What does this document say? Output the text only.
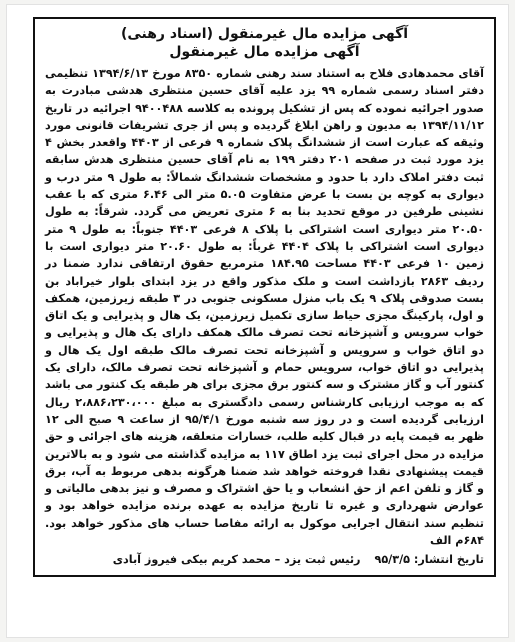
آگهی مزایده مال غیرمنقول (اسناد رهنی)
آگهی مزایده مال غیرمنقول
آقای محمدهادی فلاح به استناد سند رهنی شماره ۸۳۵۰ مورخ ۱۳۹۴/۶/۱۳ تنظیمی دفتر اسناد رسمی شماره ۹۹ یزد علیه آقای حسین منتظری هدشی مبادرت به صدور اجرائیه نموده که پس از تشکیل پرونده به کلاسه ۹۴۰۰۴۸۸ اجرائیه در تاریخ ۱۳۹۴/۱۱/۱۲ به مدیون و راهن ابلاغ گردیده و پس از جری تشریفات قانونی مورد وثیقه که عبارت است از ششدانگ پلاک شماره ۹ فرعی از ۴۴۰۳ واقعدر بخش ۴ یزد مورد ثبت در صفحه ۲۰۱ دفتر ۱۹۹ به نام آقای حسین منتظری هدش سابقه ثبت دفتر املاک دارد با حدود و مشخصات ششدانگ شمالاً: به طول ۹ متر درب و دیواری به کوچه بن بست با عرض متفاوت ۵.۰۵ متر الی ۶.۴۶ متری که با عقب نشینی طرفین در موقع تحدید بنا به ۶ متری تعریض می گردد. شرقاً: به طول ۲۰.۵۰ متر دیواری است اشتراکی با پلاک ۸ فرعی ۴۴۰۳ جنوباً: به طول ۹ متر دیواری است اشتراکی با پلاک ۴۴۰۴ غرباً: به طول ۲۰.۶۰ متر دیواری است با زمین ۱۰ فرعی ۴۴۰۳ مساحت ۱۸۴.۹۵ مترمربع حقوق ارتفاقی ندارد ضمنا در ردیف ۲۸۶۳ بازداشت است و ملک مذکور واقع در یزد ابتدای بلوار خیراباد بن بست صدوقی پلاک ۹ یک باب منزل مسکونی جنوبی در ۳ طبقه زیرزمین، همکف و اول، پارکینگ مجزی حیاط سازی تکمیل زیرزمین، یک هال و پذیرایی و یک اتاق خواب سرویس و آشپزخانه تحت تصرف مالک همکف دارای یک هال و پذیرایی و دو اتاق خواب و سرویس و آشپزخانه تحت تصرف مالک طبقه اول یک هال و پذیرایی دو اتاق خواب، سرویس حمام و آشپزخانه تحت تصرف مالک، دارای یک کنتور آب و گاز مشترک و سه کنتور برق مجزی برای هر طبقه یک کنتور می باشد که به موجب ارزیابی کارشناس رسمی دادگستری به مبلغ ۲،۸۸۶،۲۳۰،۰۰۰ ریال ارزیابی گردیده است و در روز سه شنبه مورخ ۹۵/۴/۱ از ساعت ۹ صبح الی ۱۲ ظهر به قیمت پایه در قبال کلیه طلب، خسارات متعلقه، هزینه های اجرائی و حق مزایده در محل اجرای ثبت یزد اطاق ۱۱۷ به مزایده گذاشته می شود و به بالاترین قیمت پیشنهادی نقدا فروخته خواهد شد ضمنا هرگونه بدهی مربوط به آب، برق و گاز و تلفن اعم از حق انشعاب و یا حق اشتراک و مصرف و نیز بدهی مالیاتی و عوارض شهرداری و غیره تا تاریخ مزایده به عهده برنده مزایده خواهد بود و تنظیم سند انتقال اجرایی موکول به ارائه مفاصا حساب های مذکور خواهد بود. ۶۸۴م الف
تاریخ انتشار: ۹۵/۳/۵
رئیس ثبت یزد – محمد کریم بیکی فیروز آبادی
